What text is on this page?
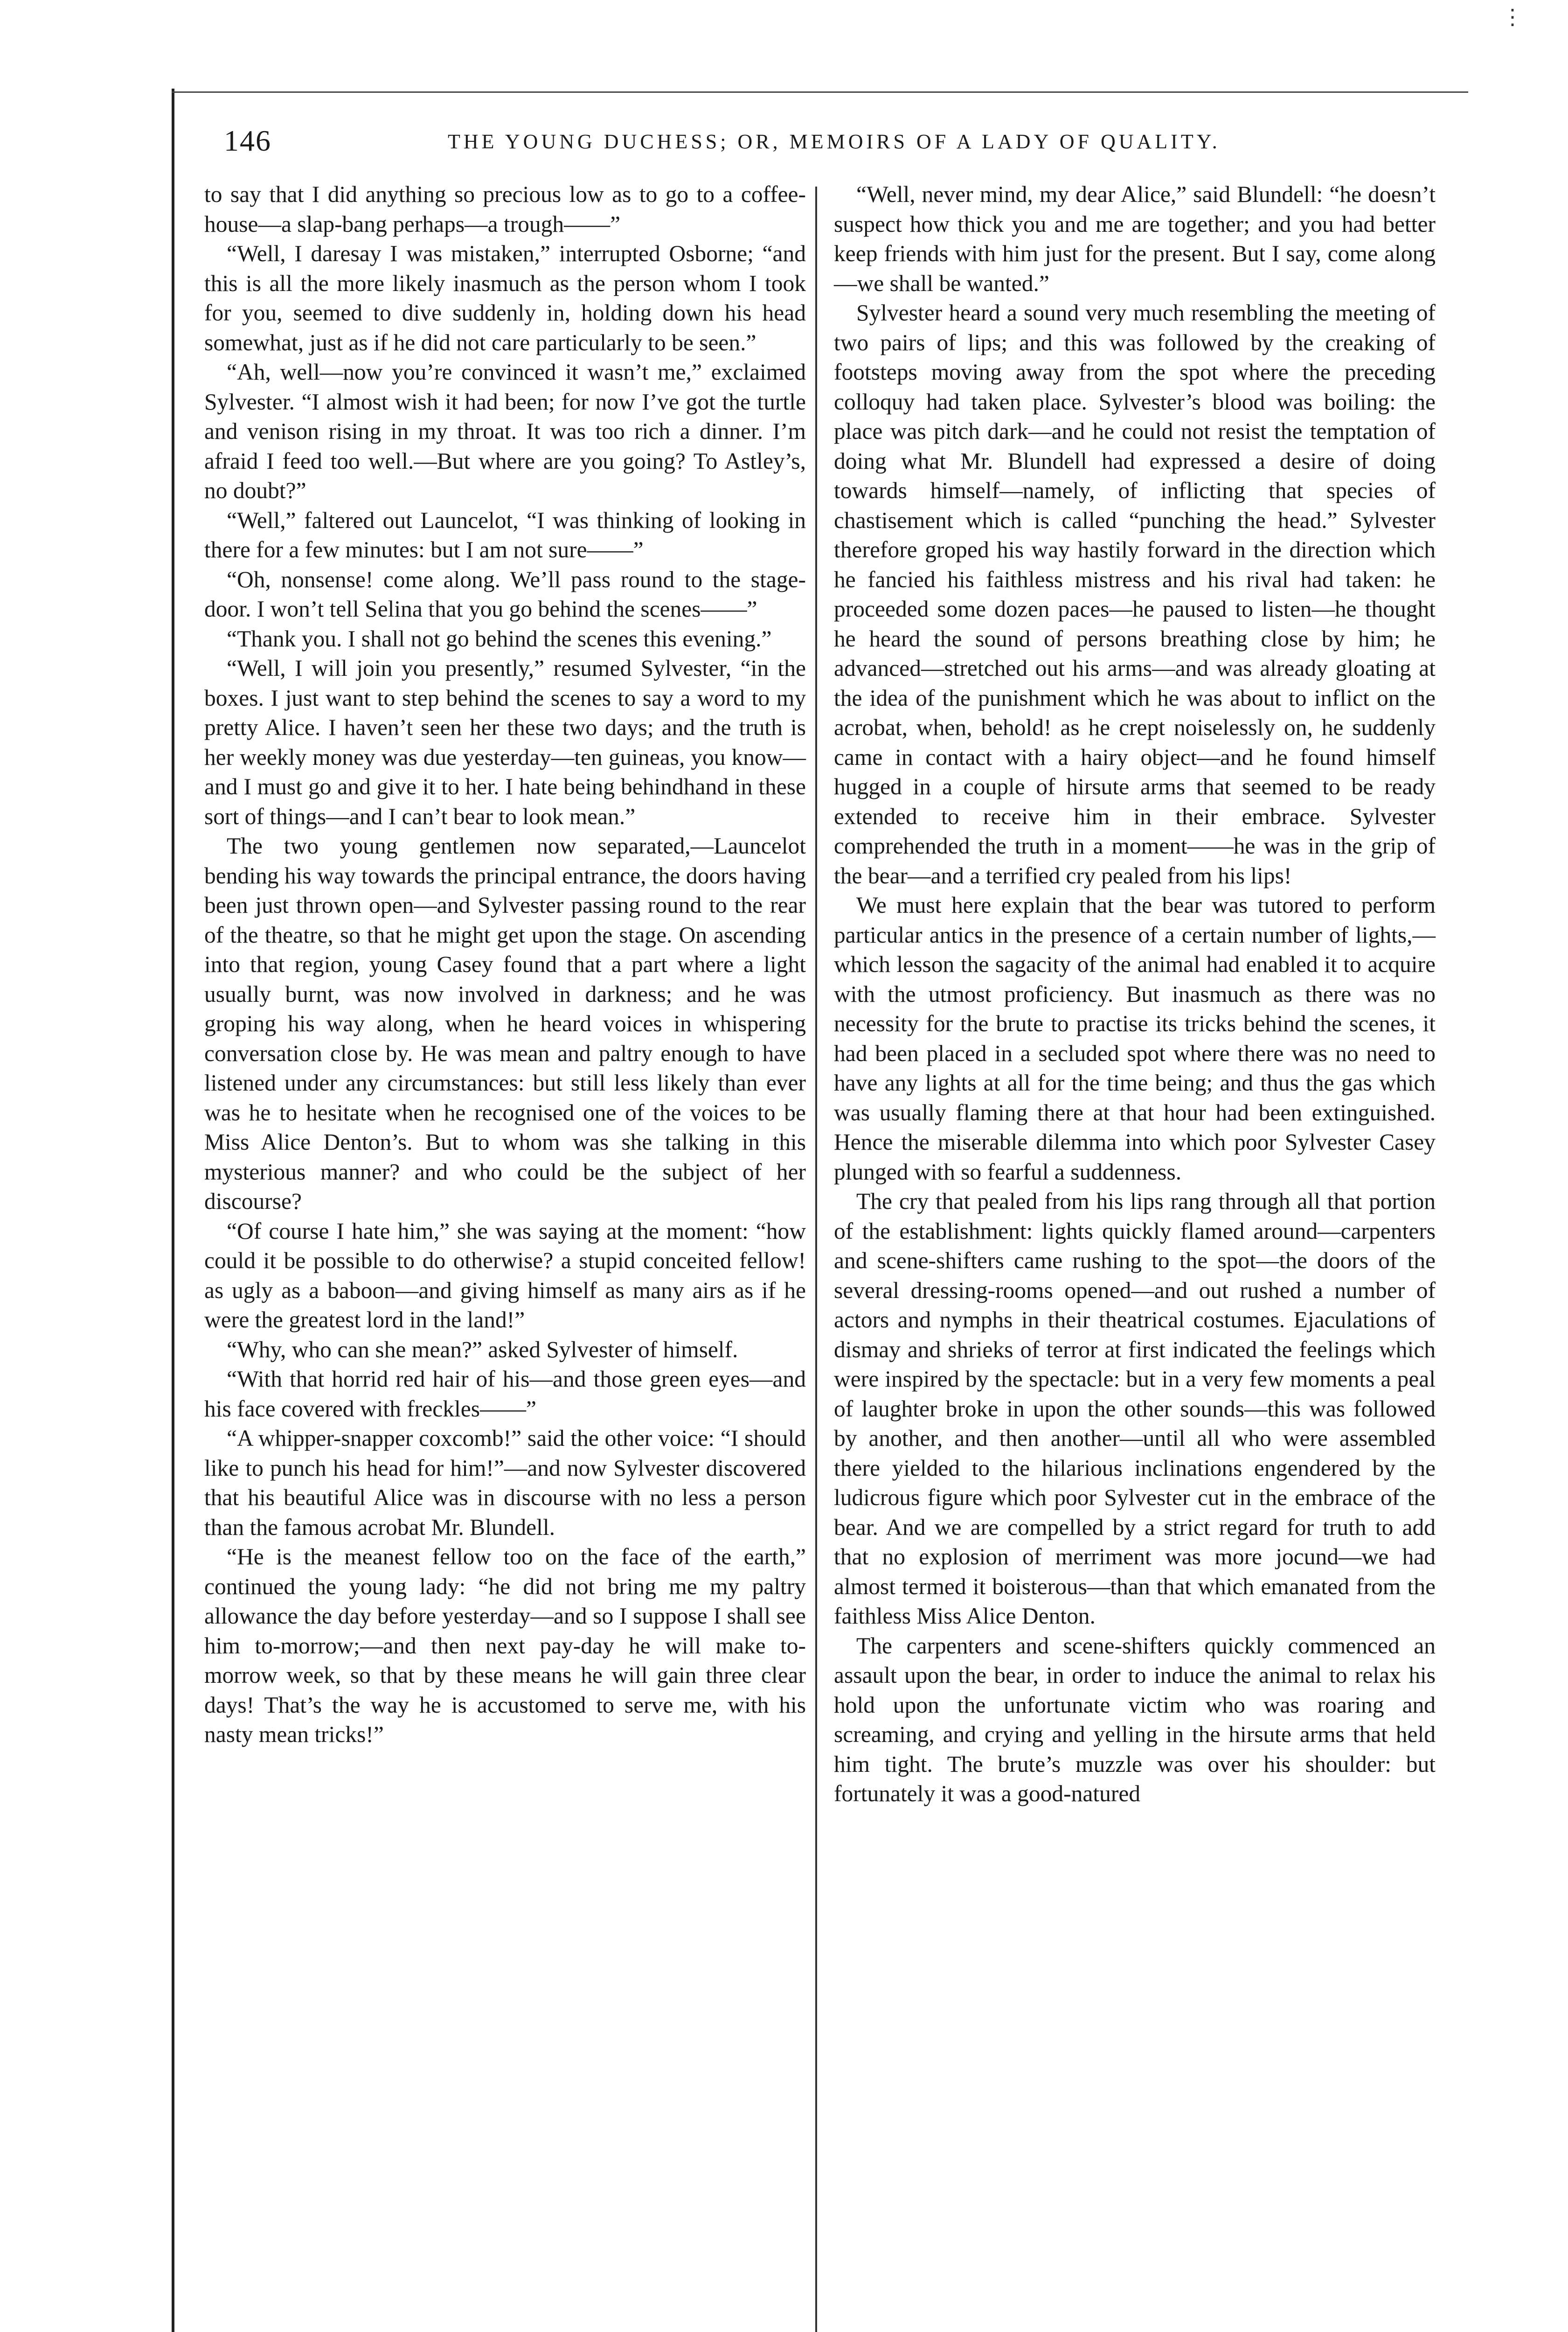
⋮
146	THE YOUNG DUCHESS; OR, MEMOIRS OF A LADY OF QUALITY.

to say that I did anything so precious low as to go to a coffee-house—a slap-bang perhaps—a trough——”

“Well, I daresay I was mistaken,” interrupted Osborne; “and this is all the more likely inasmuch as the person whom I took for you, seemed to dive suddenly in, holding down his head somewhat, just as if he did not care particularly to be seen.”

“Ah, well—now you’re convinced it wasn’t me,” exclaimed Sylvester. “I almost wish it had been; for now I’ve got the turtle and venison rising in my throat. It was too rich a dinner. I’m afraid I feed too well.—But where are you going? To Astley’s, no doubt?”

“Well,” faltered out Launcelot, “I was thinking of looking in there for a few minutes: but I am not sure——”

“Oh, nonsense! come along. We’ll pass round to the stage-door. I won’t tell Selina that you go behind the scenes——”

“Thank you. I shall not go behind the scenes this evening.”

“Well, I will join you presently,” resumed Sylvester, “in the boxes. I just want to step behind the scenes to say a word to my pretty Alice. I haven’t seen her these two days; and the truth is her weekly money was due yesterday—ten guineas, you know—and I must go and give it to her. I hate being behindhand in these sort of things—and I can’t bear to look mean.”

The two young gentlemen now separated,—Launcelot bending his way towards the principal entrance, the doors having been just thrown open—and Sylvester passing round to the rear of the theatre, so that he might get upon the stage. On ascending into that region, young Casey found that a part where a light usually burnt, was now involved in darkness; and he was groping his way along, when he heard voices in whispering conversation close by. He was mean and paltry enough to have listened under any circumstances: but still less likely than ever was he to hesitate when he recognised one of the voices to be Miss Alice Denton’s. But to whom was she talking in this mysterious manner? and who could be the subject of her discourse?

“Of course I hate him,” she was saying at the moment: “how could it be possible to do otherwise? a stupid conceited fellow! as ugly as a baboon—and giving himself as many airs as if he were the greatest lord in the land!”

“Why, who can she mean?” asked Sylvester of himself.

“With that horrid red hair of his—and those green eyes—and his face covered with freckles——”

“A whipper-snapper coxcomb!” said the other voice: “I should like to punch his head for him!”—and now Sylvester discovered that his beautiful Alice was in discourse with no less a person than the famous acrobat Mr. Blundell.

“He is the meanest fellow too on the face of the earth,” continued the young lady: “he did not bring me my paltry allowance the day before yesterday—and so I suppose I shall see him to-morrow;—and then next pay-day he will make to-morrow week, so that by these means he will gain three clear days! That’s the way he is accustomed to serve me, with his nasty mean tricks!”

“Well, never mind, my dear Alice,” said Blundell: “he doesn’t suspect how thick you and me are together; and you had better keep friends with him just for the present. But I say, come along—we shall be wanted.”

Sylvester heard a sound very much resembling the meeting of two pairs of lips; and this was followed by the creaking of footsteps moving away from the spot where the preceding colloquy had taken place. Sylvester’s blood was boiling: the place was pitch dark—and he could not resist the temptation of doing what Mr. Blundell had expressed a desire of doing towards himself—namely, of inflicting that species of chastisement which is called “punching the head.” Sylvester therefore groped his way hastily forward in the direction which he fancied his faithless mistress and his rival had taken: he proceeded some dozen paces—he paused to listen—he thought he heard the sound of persons breathing close by him; he advanced—stretched out his arms—and was already gloating at the idea of the punishment which he was about to inflict on the acrobat, when, behold! as he crept noiselessly on, he suddenly came in contact with a hairy object—and he found himself hugged in a couple of hirsute arms that seemed to be ready extended to receive him in their embrace. Sylvester comprehended the truth in a moment——he was in the grip of the bear—and a terrified cry pealed from his lips!

We must here explain that the bear was tutored to perform particular antics in the presence of a certain number of lights,—which lesson the sagacity of the animal had enabled it to acquire with the utmost proficiency. But inasmuch as there was no necessity for the brute to practise its tricks behind the scenes, it had been placed in a secluded spot where there was no need to have any lights at all for the time being; and thus the gas which was usually flaming there at that hour had been extinguished. Hence the miserable dilemma into which poor Sylvester Casey plunged with so fearful a suddenness.

The cry that pealed from his lips rang through all that portion of the establishment: lights quickly flamed around—carpenters and scene-shifters came rushing to the spot—the doors of the several dressing-rooms opened—and out rushed a number of actors and nymphs in their theatrical costumes. Ejaculations of dismay and shrieks of terror at first indicated the feelings which were inspired by the spectacle: but in a very few moments a peal of laughter broke in upon the other sounds—this was followed by another, and then another—until all who were assembled there yielded to the hilarious inclinations engendered by the ludicrous figure which poor Sylvester cut in the embrace of the bear. And we are compelled by a strict regard for truth to add that no explosion of merriment was more jocund—we had almost termed it boisterous—than that which emanated from the faithless Miss Alice Denton.

The carpenters and scene-shifters quickly commenced an assault upon the bear, in order to induce the animal to relax his hold upon the unfortunate victim who was roaring and screaming, and crying and yelling in the hirsute arms that held him tight. The brute’s muzzle was over his shoulder: but fortunately it was a good-natured
